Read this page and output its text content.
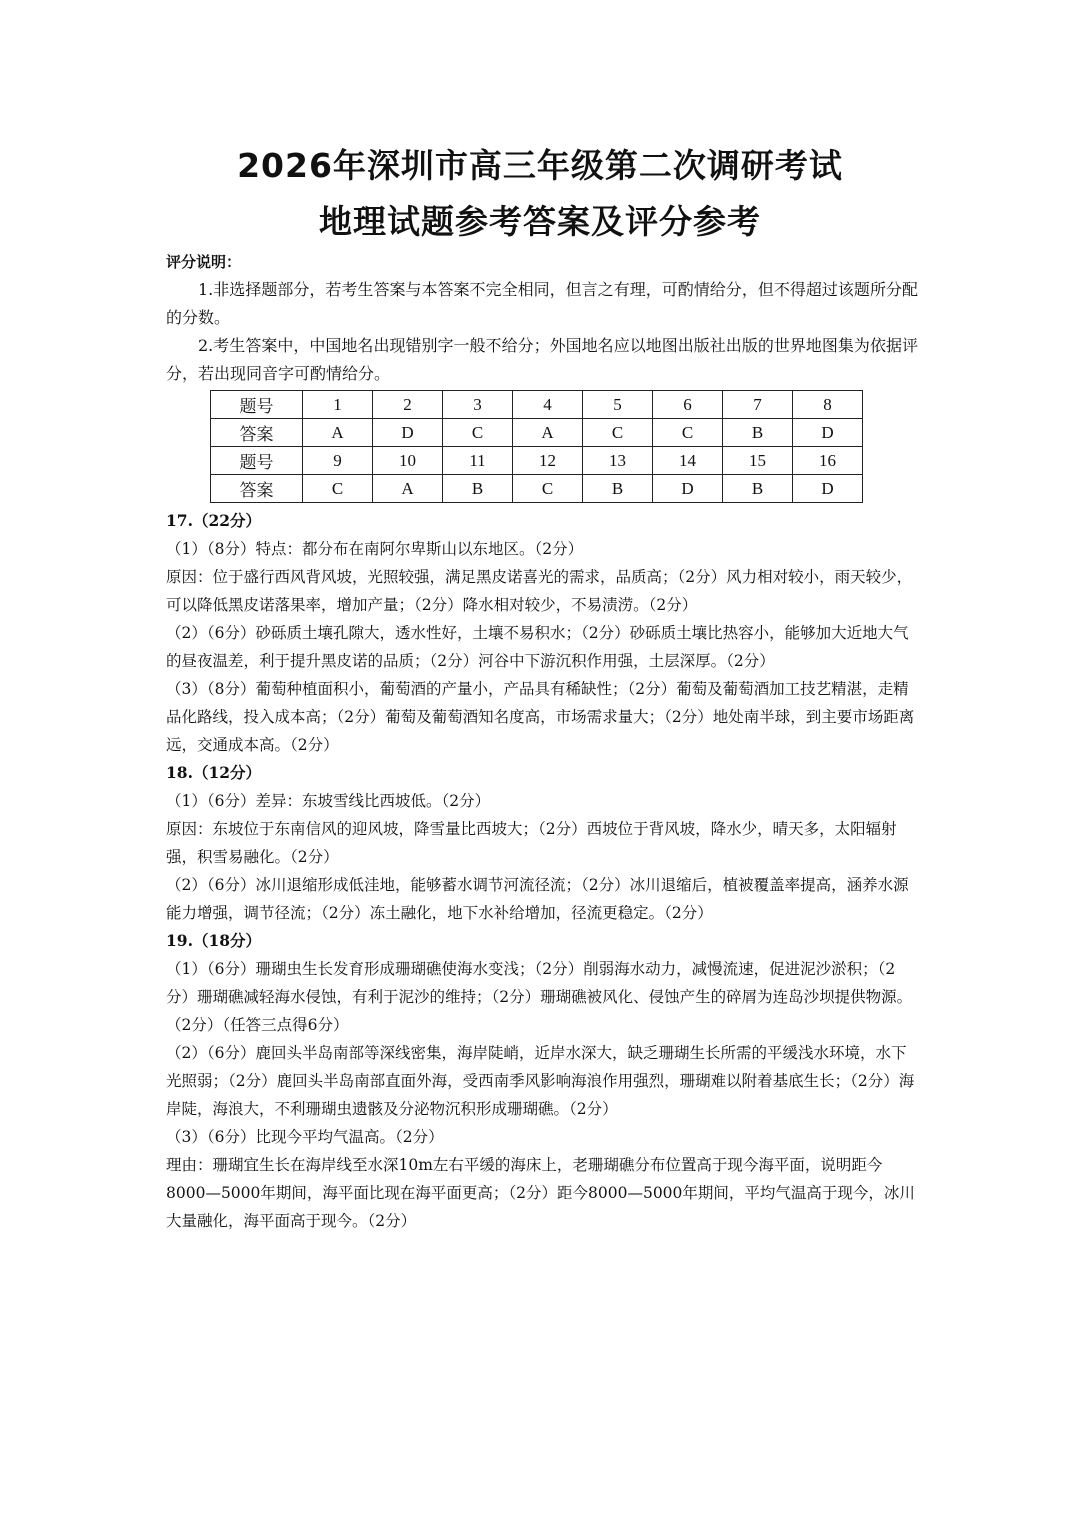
2026年深圳市高三年级第二次调研考试
地理试题参考答案及评分参考
评分说明：
1.非选择题部分，若考生答案与本答案不完全相同，但言之有理，可酌情给分，但不得超过该题所分配的分数。
2.考生答案中，中国地名出现错别字一般不给分；外国地名应以地图出版社出版的世界地图集为依据评分，若出现同音字可酌情给分。
题号	1	2	3	4	5	6	7	8
答案	A	D	C	A	C	C	B	D
题号	9	10	11	12	13	14	15	16
答案	C	A	B	C	B	D	B	D
17.（22分）
（1）（8分）特点：都分布在南阿尔卑斯山以东地区。（2分）
原因：位于盛行西风背风坡，光照较强，满足黑皮诺喜光的需求，品质高；（2分）风力相对较小，雨天较少，可以降低黑皮诺落果率，增加产量；（2分）降水相对较少，不易渍涝。（2分）
（2）（6分）砂砾质土壤孔隙大，透水性好，土壤不易积水；（2分）砂砾质土壤比热容小，能够加大近地大气的昼夜温差，利于提升黑皮诺的品质；（2分）河谷中下游沉积作用强，土层深厚。（2分）
（3）（8分）葡萄种植面积小，葡萄酒的产量小，产品具有稀缺性；（2分）葡萄及葡萄酒加工技艺精湛，走精品化路线，投入成本高；（2分）葡萄及葡萄酒知名度高，市场需求量大；（2分）地处南半球，到主要市场距离远，交通成本高。（2分）
18.（12分）
（1）（6分）差异：东坡雪线比西坡低。（2分）
原因：东坡位于东南信风的迎风坡，降雪量比西坡大；（2分）西坡位于背风坡，降水少，晴天多，太阳辐射强，积雪易融化。（2分）
（2）（6分）冰川退缩形成低洼地，能够蓄水调节河流径流；（2分）冰川退缩后，植被覆盖率提高，涵养水源能力增强，调节径流；（2分）冻土融化，地下水补给增加，径流更稳定。（2分）
19.（18分）
（1）（6分）珊瑚虫生长发育形成珊瑚礁使海水变浅；（2分）削弱海水动力，减慢流速，促进泥沙淤积；（2分）珊瑚礁减轻海水侵蚀，有利于泥沙的维持；（2分）珊瑚礁被风化、侵蚀产生的碎屑为连岛沙坝提供物源。（2分）（任答三点得6分）
（2）（6分）鹿回头半岛南部等深线密集，海岸陡峭，近岸水深大，缺乏珊瑚生长所需的平缓浅水环境，水下光照弱；（2分）鹿回头半岛南部直面外海，受西南季风影响海浪作用强烈，珊瑚难以附着基底生长；（2分）海岸陡，海浪大，不利珊瑚虫遗骸及分泌物沉积形成珊瑚礁。（2分）
（3）（6分）比现今平均气温高。（2分）
理由：珊瑚宜生长在海岸线至水深10m左右平缓的海床上，老珊瑚礁分布位置高于现今海平面，说明距今8000—5000年期间，海平面比现在海平面更高；（2分）距今8000—5000年期间，平均气温高于现今，冰川大量融化，海平面高于现今。（2分）
